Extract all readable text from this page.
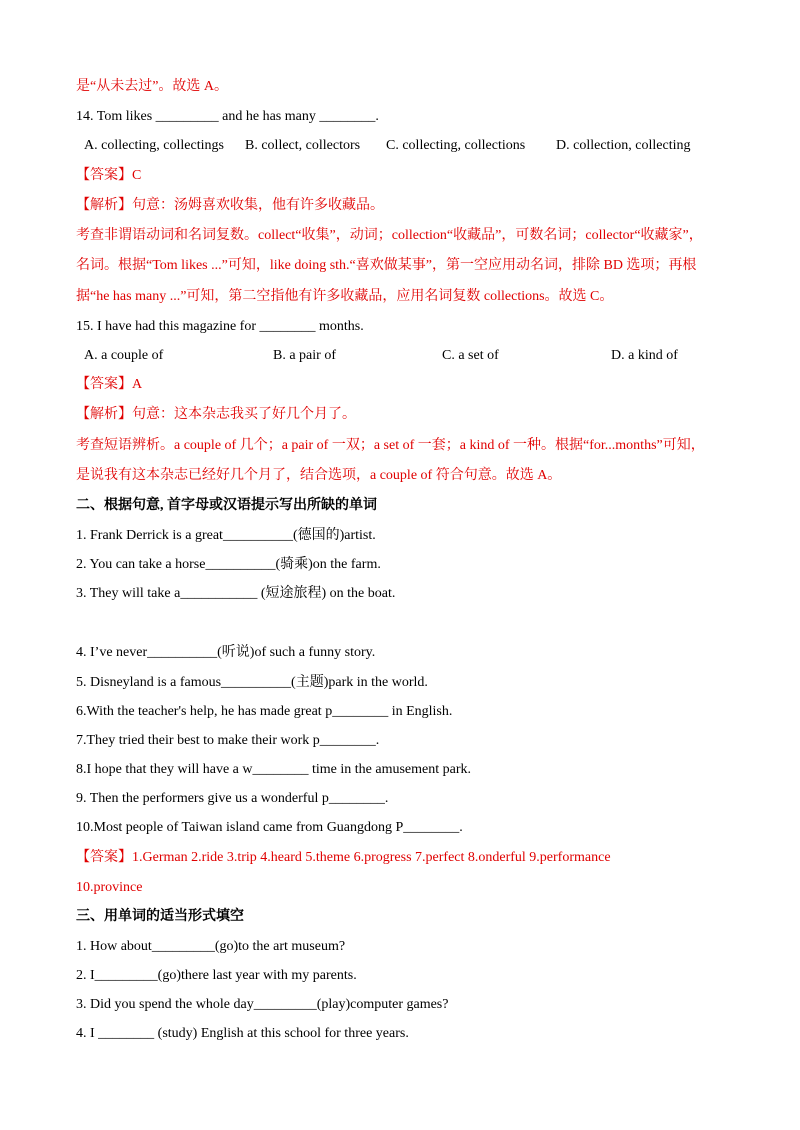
是“从未去过”。故选 A。
14. Tom likes _________ and he has many ________.
A. collecting, collectings B. collect, collectors C. collecting, collections D. collection, collecting
【答案】C
【解析】句意：汤姆喜欢收集，他有许多收藏品。
考查非谓语动词和名词复数。collect“收集”，动词；collection“收藏品”，可数名词；collector“收藏家”，
名词。根据“Tom likes ...”可知，like doing sth.“喜欢做某事”，第一空应用动名词，排除 BD 选项；再根
据“he has many ...”可知，第二空指他有许多收藏品，应用名词复数 collections。故选 C。
15. I have had this magazine for ________ months.
A. a couple of	B. a pair of	C. a set of	D. a kind of
【答案】A
【解析】句意：这本杂志我买了好几个月了。
考查短语辨析。a couple of 几个；a pair of 一双；a set of 一套；a kind of 一种。根据“for...months”可知，
是说我有这本杂志已经好几个月了，结合选项，a couple of 符合句意。故选 A。
二、根据句意, 首字母或汉语提示写出所缺的单词
1. Frank Derrick is a great__________(德国的)artist.
2. You can take a horse__________(骑乘)on the farm.
3. They will take a___________ (短途旅程) on the boat.
4. I’ve never__________(听说)of such a funny story.
5. Disneyland is a famous__________(主题)park in the world.
6.With the teacher's help, he has made great p________ in English.
7.They tried their best to make their work p________.
8.I hope that they will have a w________ time in the amusement park.
9. Then the performers give us a wonderful p________.
10.Most people of Taiwan island came from Guangdong P________.
【答案】1.German 2.ride 3.trip 4.heard 5.theme 6.progress 7.perfect 8.onderful 9.performance
10.province
三、用单词的适当形式填空
1. How about_________(go)to the art museum?
2. I_________(go)there last year with my parents.
3. Did you spend the whole day_________(play)computer games?
4. I ________ (study) English at this school for three years.
